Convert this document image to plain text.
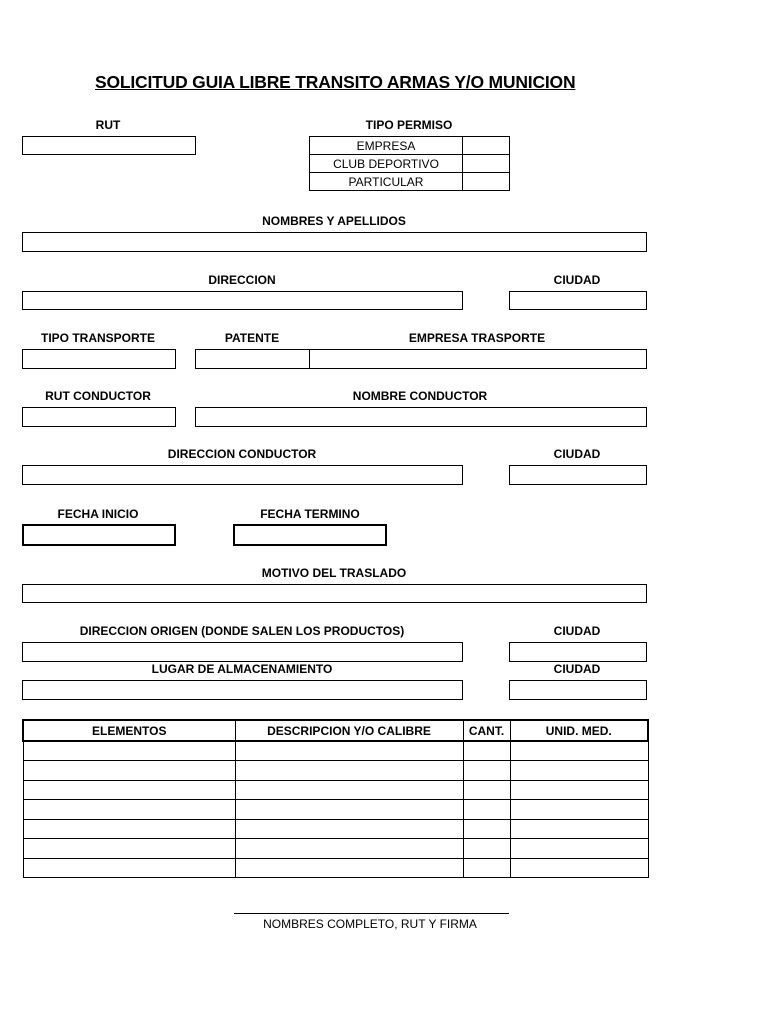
SOLICITUD GUIA LIBRE TRANSITO ARMAS Y/O MUNICION
RUT	TIPO PERMISO
EMPRESA	
CLUB DEPORTIVO	
PARTICULAR	
NOMBRES Y APELLIDOS
DIRECCION	CIUDAD
TIPO TRANSPORTE	PATENTE	EMPRESA TRASPORTE
RUT CONDUCTOR	NOMBRE CONDUCTOR
DIRECCION CONDUCTOR	CIUDAD
FECHA INICIO	FECHA TERMINO
MOTIVO DEL TRASLADO
DIRECCION ORIGEN (DONDE SALEN LOS PRODUCTOS)	CIUDAD
LUGAR DE ALMACENAMIENTO	CIUDAD
ELEMENTOS	DESCRIPCION Y/O CALIBRE	CANT.	UNID. MED.

NOMBRES COMPLETO, RUT Y FIRMA
